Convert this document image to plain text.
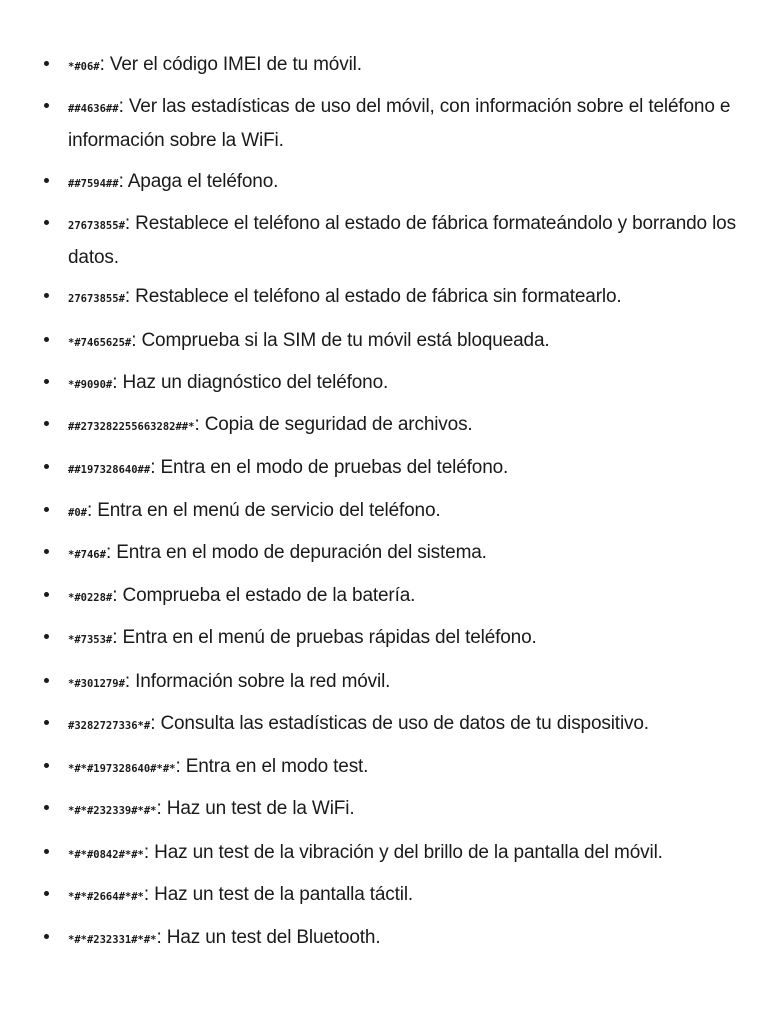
*#06#: Ver el código IMEI de tu móvil.
##4636##: Ver las estadísticas de uso del móvil, con información sobre el teléfono e información sobre la WiFi.
##7594##: Apaga el teléfono.
27673855#: Restablece el teléfono al estado de fábrica formateándolo y borrando los datos.
27673855#: Restablece el teléfono al estado de fábrica sin formatearlo.
*#7465625#: Comprueba si la SIM de tu móvil está bloqueada.
*#9090#: Haz un diagnóstico del teléfono.
##273282255663282##*: Copia de seguridad de archivos.
##197328640##: Entra en el modo de pruebas del teléfono.
#0#: Entra en el menú de servicio del teléfono.
*#746#: Entra en el modo de depuración del sistema.
*#0228#: Comprueba el estado de la batería.
*#7353#: Entra en el menú de pruebas rápidas del teléfono.
*#301279#: Información sobre la red móvil.
#3282727336*#: Consulta las estadísticas de uso de datos de tu dispositivo.
*#*#197328640#*#*: Entra en el modo test.
*#*#232339#*#*: Haz un test de la WiFi.
*#*#0842#*#*: Haz un test de la vibración y del brillo de la pantalla del móvil.
*#*#2664#*#*: Haz un test de la pantalla táctil.
*#*#232331#*#*: Haz un test del Bluetooth.
